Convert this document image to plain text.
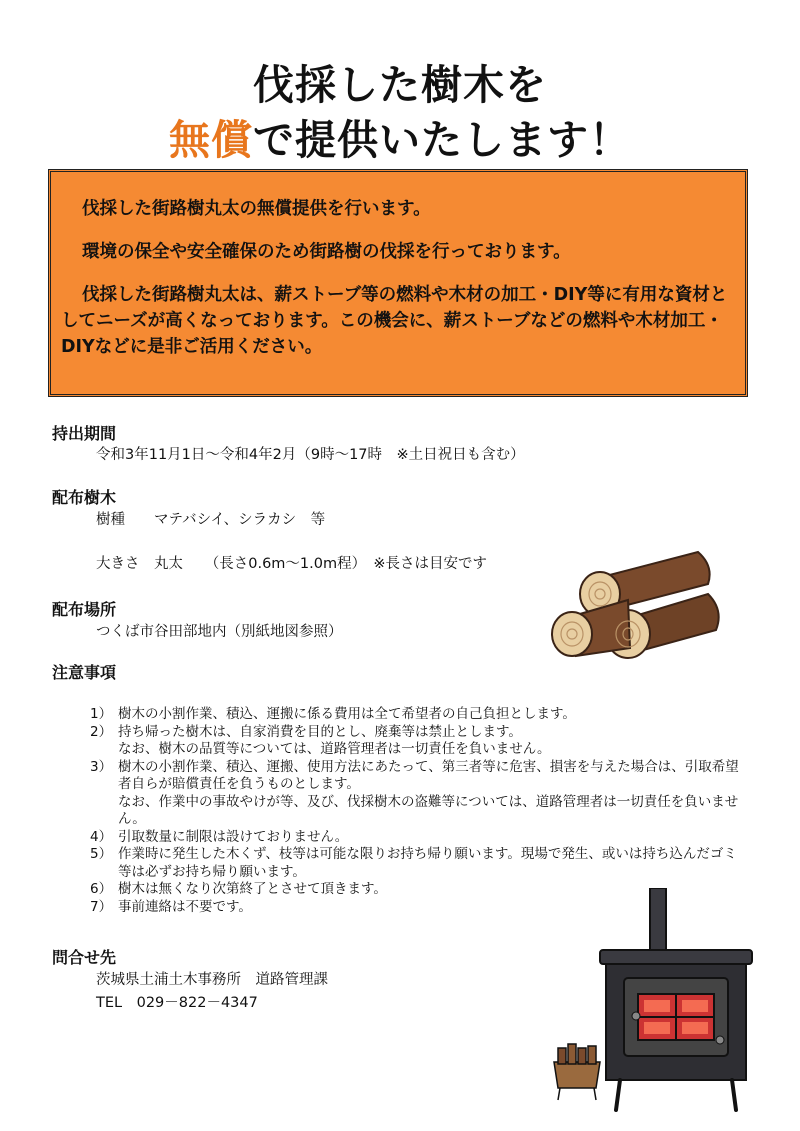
伐採した樹木を
無償で提供いたします！

伐採した街路樹丸太の無償提供を行います。

環境の保全や安全確保のため街路樹の伐採を行っております。

伐採した街路樹丸太は、薪ストーブ等の燃料や木材の加工・DIY等に有用な資材としてニーズが高くなっております。この機会に、薪ストーブなどの燃料や木材加工・DIYなどに是非ご活用ください。

持出期間
令和3年11月1日～令和4年2月（9時～17時　※土日祝日も含む）
配布樹木
樹種　　マテバシイ、シラカシ　等
大きさ　丸太　　（長さ0.6m～1.0m程）　※長さは目安です
配布場所
つくば市谷田部地内（別紙地図参照）
注意事項
1） 樹木の小割作業、積込、運搬に係る費用は全て希望者の自己負担とします。
2） 持ち帰った樹木は、自家消費を目的とし、廃棄等は禁止とします。
なお、樹木の品質等については、道路管理者は一切責任を負いません。
3） 樹木の小割作業、積込、運搬、使用方法にあたって、第三者等に危害、損害を与えた場合は、引取希望者自らが賠償責任を負うものとします。
なお、作業中の事故やけが等、及び、伐採樹木の盗難等については、道路管理者は一切責任を負いません。
4） 引取数量に制限は設けておりません。
5） 作業時に発生した木くず、枝等は可能な限りお持ち帰り願います。現場で発生、或いは持ち込んだゴミ等は必ずお持ち帰り願います。
6） 樹木は無くなり次第終了とさせて頂きます。
7） 事前連絡は不要です。
問合せ先
茨城県土浦土木事務所　道路管理課
TEL　029－822－4347
